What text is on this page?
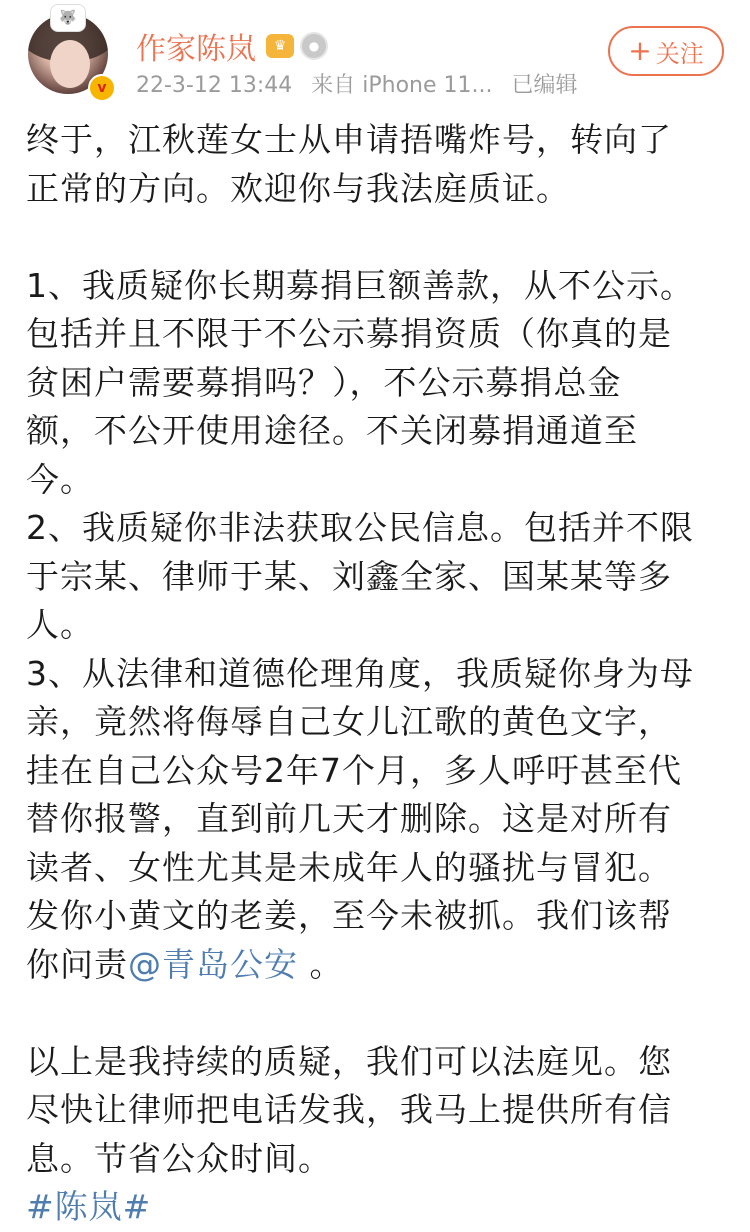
🐺
v
作家陈岚	♛	●
22-3-12 13:44 来自 iPhone 11... 已编辑
+ 关注

终于，江秋莲女士从申请捂嘴炸号，转向了

正常的方向。欢迎你与我法庭质证。

1、我质疑你长期募捐巨额善款，从不公示。

包括并且不限于不公示募捐资质（你真的是

贫困户需要募捐吗？），不公示募捐总金

额，不公开使用途径。不关闭募捐通道至

今。

2、我质疑你非法获取公民信息。包括并不限

于宗某、律师于某、刘鑫全家、国某某等多

人。

3、从法律和道德伦理角度，我质疑你身为母

亲，竟然将侮辱自己女儿江歌的黄色文字，

挂在自己公众号2年7个月，多人呼吁甚至代

替你报警，直到前几天才删除。这是对所有

读者、女性尤其是未成年人的骚扰与冒犯。

发你小黄文的老姜，至今未被抓。我们该帮

你问责@青岛公安 。

以上是我持续的质疑，我们可以法庭见。您

尽快让律师把电话发我，我马上提供所有信

息。节省公众时间。

#陈岚#
